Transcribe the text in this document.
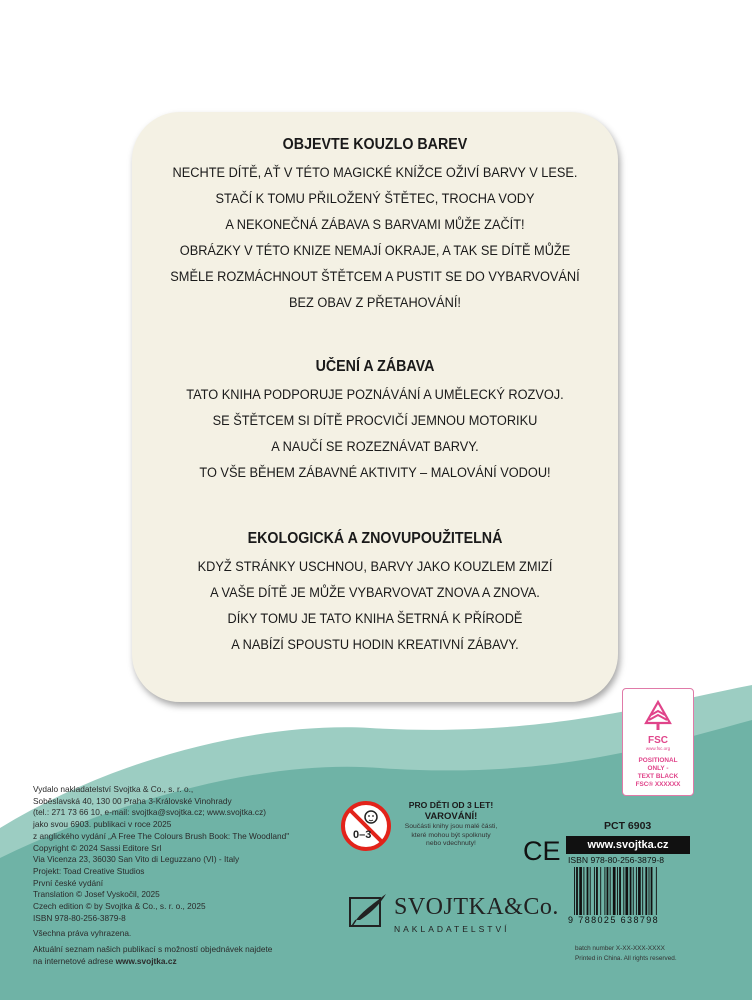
OBJEVTE KOUZLO BAREV
NECHTE DÍTĚ, AŤ V TÉTO MAGICKÉ KNÍŽCE OŽIVÍ BARVY V LESE.
STAČÍ K TOMU PŘILOŽENÝ ŠTĚTEC, TROCHA VODY
A NEKONEČNÁ ZÁBAVA S BARVAMI MŮŽE ZAČÍT!
OBRÁZKY V TÉTO KNIZE NEMAJÍ OKRAJE, A TAK SE DÍTĚ MŮŽE
SMĚLE ROZMÁCHNOUT ŠTĚTCEM A PUSTIT SE DO VYBARVOVÁNÍ
BEZ OBAV Z PŘETAHOVÁNÍ!
UČENÍ A ZÁBAVA
TATO KNIHA PODPORUJE POZNÁVÁNÍ A UMĚLECKÝ ROZVOJ.
SE ŠTĚTCEM SI DÍTĚ PROCVIČÍ JEMNOU MOTORIKU
A NAUČÍ SE ROZEZNÁVAT BARVY.
TO VŠE BĚHEM ZÁBAVNÉ AKTIVITY – MALOVÁNÍ VODOU!
EKOLOGICKÁ A ZNOVUPOUŽITELNÁ
KDYŽ STRÁNKY USCHNOU, BARVY JAKO KOUZLEM ZMIZÍ
A VAŠE DÍTĚ JE MŮŽE VYBARVOVAT ZNOVA A ZNOVA.
DÍKY TOMU JE TATO KNIHA ŠETRNÁ K PŘÍRODĚ
A NABÍZÍ SPOUSTU HODIN KREATIVNÍ ZÁBAVY.
FSC
www.fsc.org
POSITIONAL
ONLY -
TEXT BLACK
FSC® XXXXXX
Vydalo nakladatelství Svojtka & Co., s. r. o.,
Soběslavská 40, 130 00 Praha 3-Královské Vinohrady
(tel.: 271 73 66 10, e-mail: svojtka@svojtka.cz; www.svojtka.cz)
jako svou 6903. publikaci v roce 2025
z anglického vydání „A Free The Colours Brush Book: The Woodland"
Copyright © 2024 Sassi Editore Srl
Via Vicenza 23, 36030 San Vito di Leguzzano (VI) - Italy
Projekt: Toad Creative Studios
První české vydání
Translation © Josef Vyskočil, 2025
Czech edition © by Svojtka & Co., s. r. o., 2025
ISBN 978-80-256-3879-8
Všechna práva vyhrazena.
Aktuální seznam našich publikací s možností objednávek najdete
na internetové adrese www.svojtka.cz
0–3
PRO DĚTI OD 3 LET!
VAROVÁNÍ!
Součásti knihy jsou malé části,
které mohou být spolknuty
nebo vdechnuty!	CE
PCT 6903
www.svojtka.cz
ISBN 978-80-256-3879-8
9 788025 638798
batch number X-XX-XXX-XXXX
Printed in China. All rights reserved.
SVOJTKA&Co.
NAKLADATELSTVÍ
